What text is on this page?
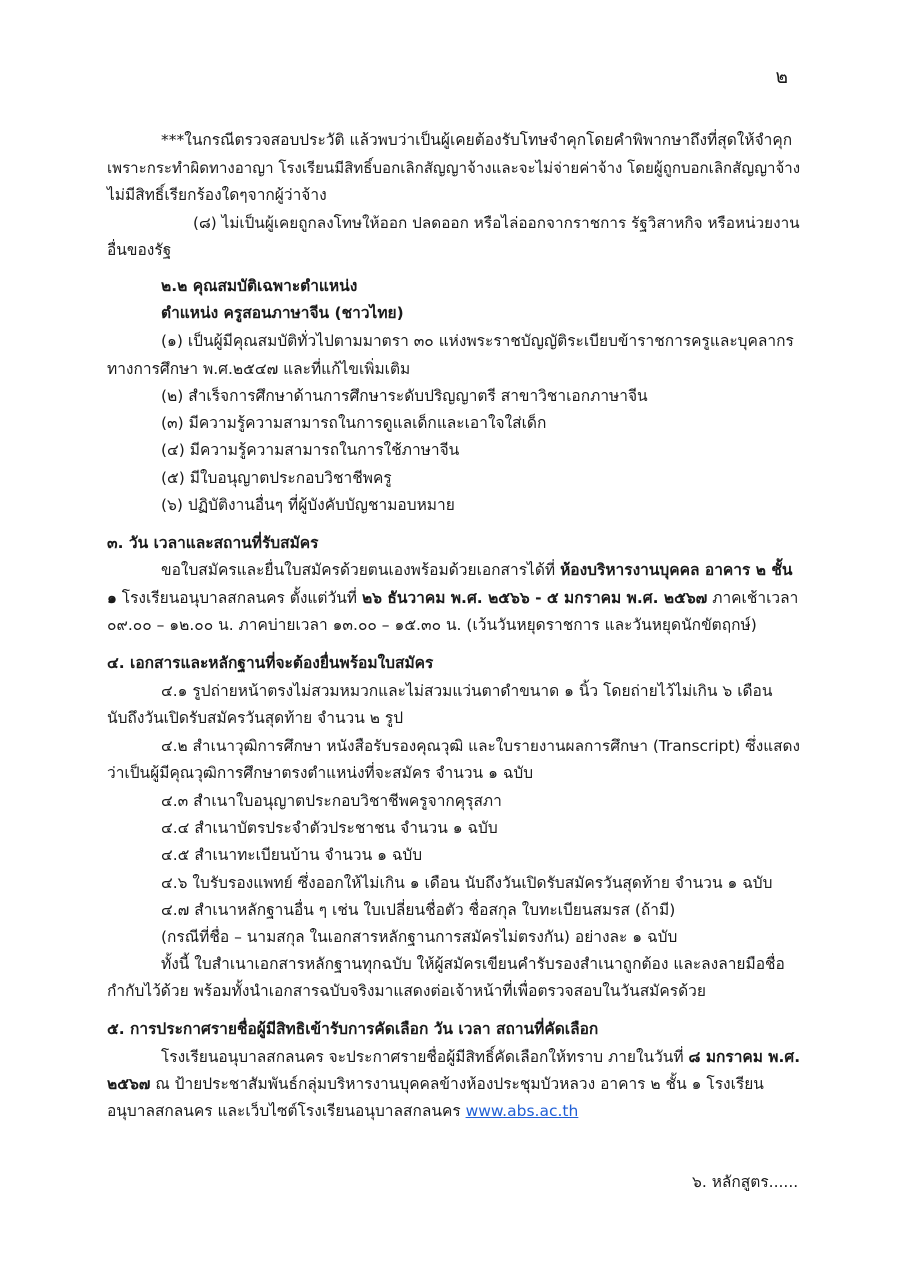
๒
***ในกรณีตรวจสอบประวัติ แล้วพบว่าเป็นผู้เคยต้องรับโทษจำคุกโดยคำพิพากษาถึงที่สุดให้จำคุก
เพราะกระทำผิดทางอาญา โรงเรียนมีสิทธิ์บอกเลิกสัญญาจ้างและจะไม่จ่ายค่าจ้าง โดยผู้ถูกบอกเลิกสัญญาจ้าง
ไม่มีสิทธิ์เรียกร้องใดๆจากผู้ว่าจ้าง
(๘) ไม่เป็นผู้เคยถูกลงโทษให้ออก ปลดออก หรือไล่ออกจากราชการ รัฐวิสาหกิจ หรือหน่วยงาน
อื่นของรัฐ
๒.๒ คุณสมบัติเฉพาะตำแหน่ง
ตำแหน่ง ครูสอนภาษาจีน (ชาวไทย)
(๑) เป็นผู้มีคุณสมบัติทั่วไปตามมาตรา ๓๐ แห่งพระราชบัญญัติระเบียบข้าราชการครูและบุคลากร
ทางการศึกษา พ.ศ.๒๕๔๗ และที่แก้ไขเพิ่มเติม
(๒) สำเร็จการศึกษาด้านการศึกษาระดับปริญญาตรี สาขาวิชาเอกภาษาจีน
(๓) มีความรู้ความสามารถในการดูแลเด็กและเอาใจใส่เด็ก
(๔) มีความรู้ความสามารถในการใช้ภาษาจีน
(๕) มีใบอนุญาตประกอบวิชาชีพครู
(๖) ปฏิบัติงานอื่นๆ ที่ผู้บังคับบัญชามอบหมาย
๓. วัน เวลาและสถานที่รับสมัคร
ขอใบสมัครและยื่นใบสมัครด้วยตนเองพร้อมด้วยเอกสารได้ที่ ห้องบริหารงานบุคคล อาคาร ๒ ชั้น
๑ โรงเรียนอนุบาลสกลนคร ตั้งแต่วันที่ ๒๖ ธันวาคม พ.ศ. ๒๕๖๖ - ๕ มกราคม พ.ศ. ๒๕๖๗ ภาคเช้าเวลา
๐๙.๐๐ – ๑๒.๐๐ น. ภาคบ่ายเวลา ๑๓.๐๐ – ๑๕.๓๐ น. (เว้นวันหยุดราชการ และวันหยุดนักขัตฤกษ์)
๔. เอกสารและหลักฐานที่จะต้องยื่นพร้อมใบสมัคร
๔.๑ รูปถ่ายหน้าตรงไม่สวมหมวกและไม่สวมแว่นตาดำขนาด ๑ นิ้ว โดยถ่ายไว้ไม่เกิน ๖ เดือน
นับถึงวันเปิดรับสมัครวันสุดท้าย จำนวน ๒ รูป
๔.๒ สำเนาวุฒิการศึกษา หนังสือรับรองคุณวุฒิ และใบรายงานผลการศึกษา (Transcript) ซึ่งแสดง
ว่าเป็นผู้มีคุณวุฒิการศึกษาตรงตำแหน่งที่จะสมัคร จำนวน ๑ ฉบับ
๔.๓ สำเนาใบอนุญาตประกอบวิชาชีพครูจากคุรุสภา
๔.๔ สำเนาบัตรประจำตัวประชาชน จำนวน ๑ ฉบับ
๔.๕ สำเนาทะเบียนบ้าน จำนวน ๑ ฉบับ
๔.๖ ใบรับรองแพทย์ ซึ่งออกให้ไม่เกิน ๑ เดือน นับถึงวันเปิดรับสมัครวันสุดท้าย จำนวน ๑ ฉบับ
๔.๗ สำเนาหลักฐานอื่น ๆ เช่น ใบเปลี่ยนชื่อตัว ชื่อสกุล ใบทะเบียนสมรส (ถ้ามี)
(กรณีที่ชื่อ – นามสกุล ในเอกสารหลักฐานการสมัครไม่ตรงกัน) อย่างละ ๑ ฉบับ
ทั้งนี้ ใบสำเนาเอกสารหลักฐานทุกฉบับ ให้ผู้สมัครเขียนคำรับรองสำเนาถูกต้อง และลงลายมือชื่อ
กำกับไว้ด้วย พร้อมทั้งนำเอกสารฉบับจริงมาแสดงต่อเจ้าหน้าที่เพื่อตรวจสอบในวันสมัครด้วย
๕. การประกาศรายชื่อผู้มีสิทธิเข้ารับการคัดเลือก วัน เวลา สถานที่คัดเลือก
โรงเรียนอนุบาลสกลนคร จะประกาศรายชื่อผู้มีสิทธิ์คัดเลือกให้ทราบ ภายในวันที่ ๘ มกราคม พ.ศ.
๒๕๖๗ ณ ป้ายประชาสัมพันธ์กลุ่มบริหารงานบุคคลข้างห้องประชุมบัวหลวง อาคาร ๒ ชั้น ๑ โรงเรียน
อนุบาลสกลนคร และเว็บไซต์โรงเรียนอนุบาลสกลนคร www.abs.ac.th
๖. หลักสูตร......
